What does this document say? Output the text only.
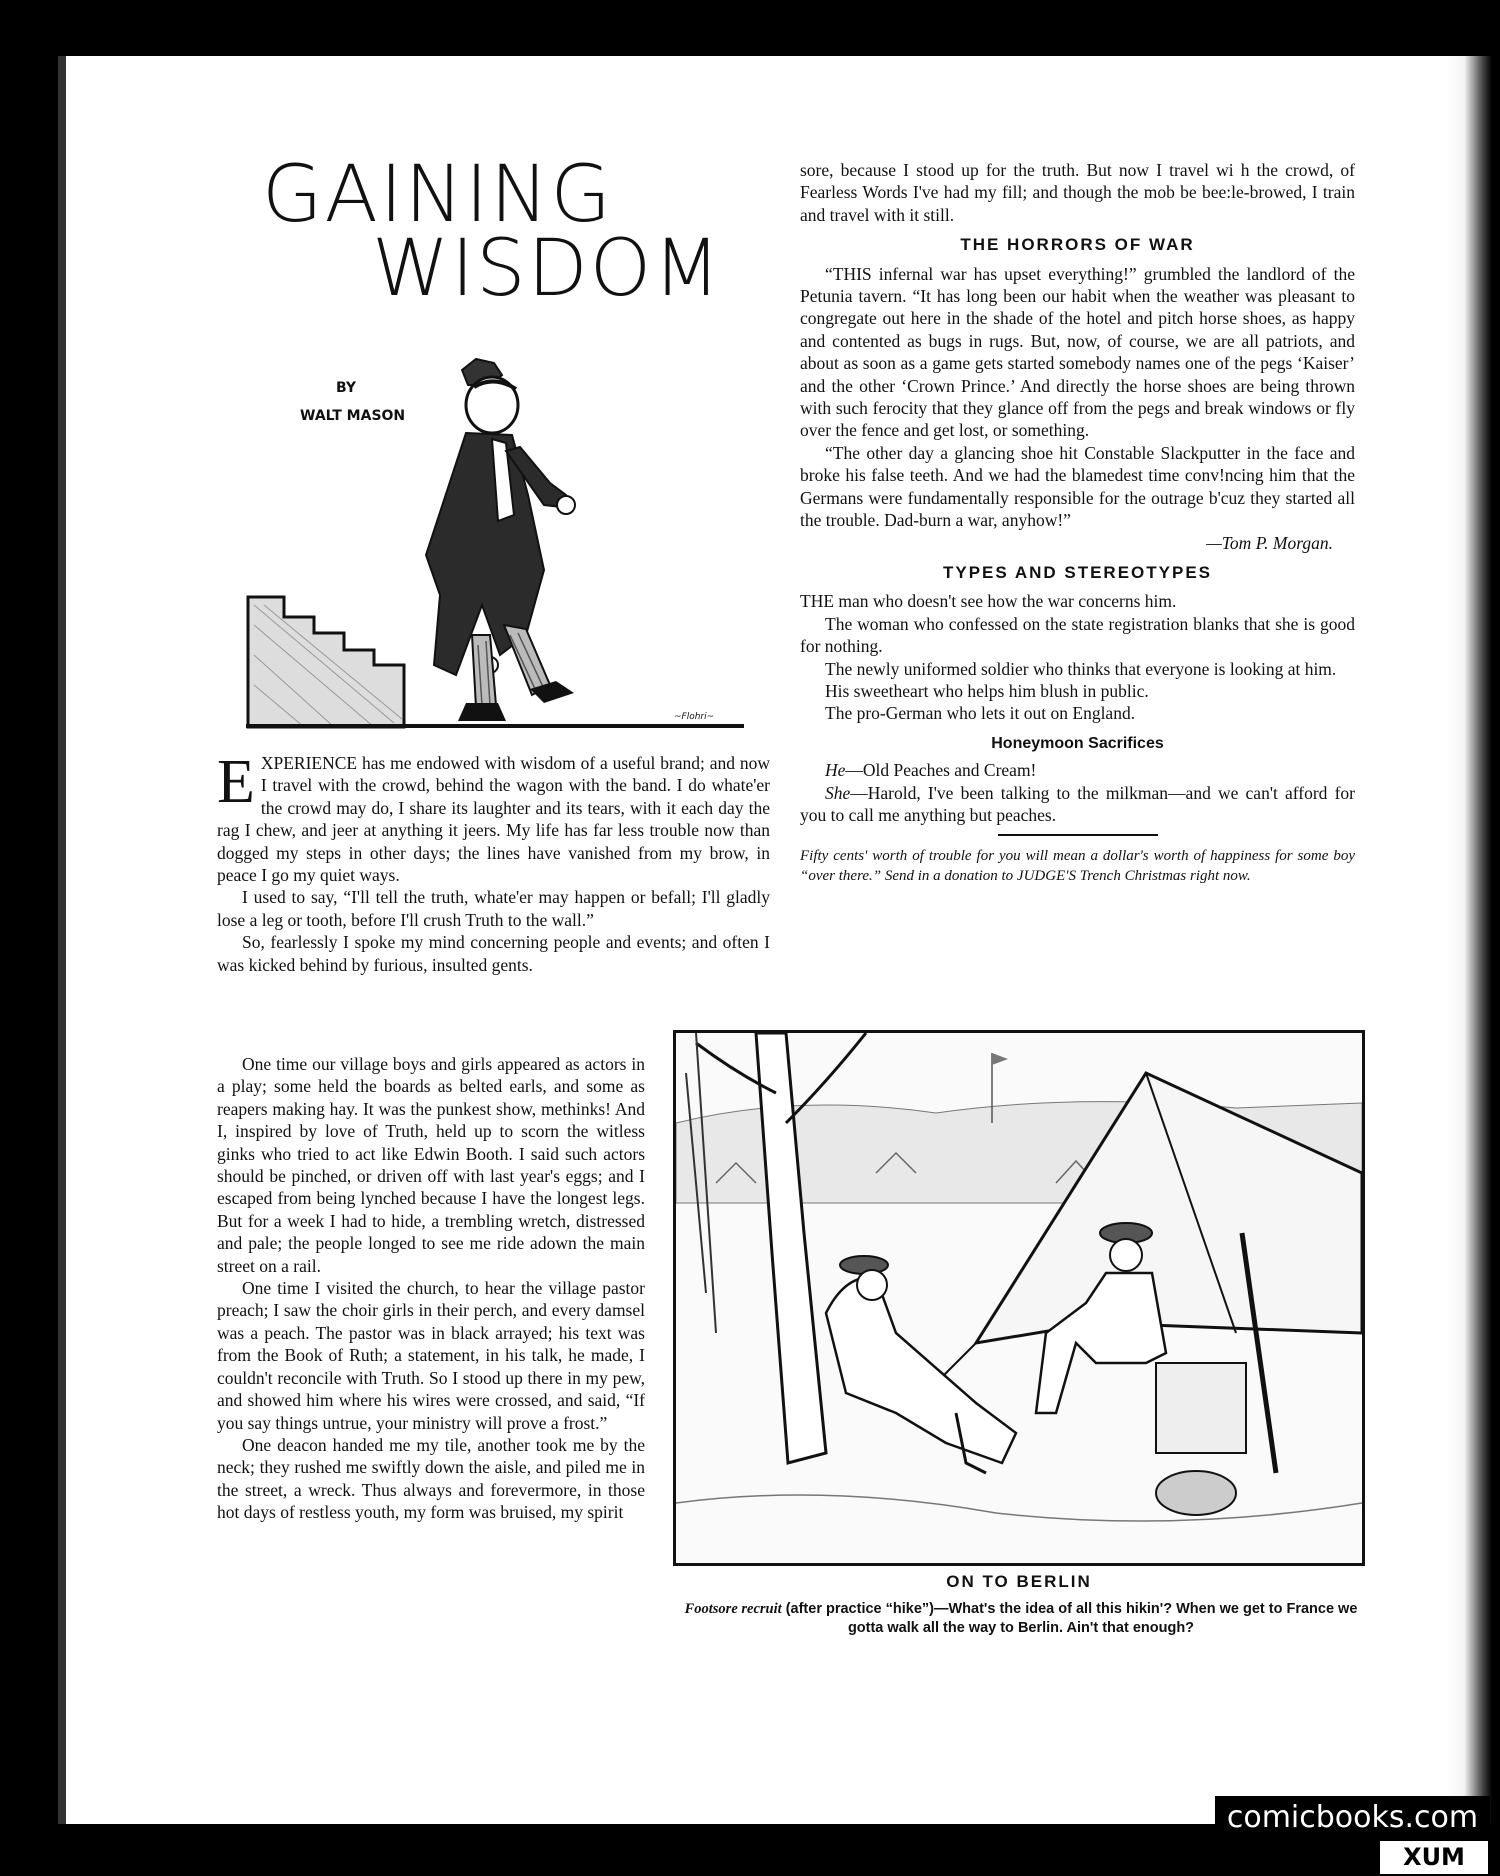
GAINING
WISDOM
BY
WALT MASON
~Flohri~

EXPERIENCE has me endowed with wisdom of a useful brand; and now I travel with the crowd, behind the wagon with the band. I do whate'er the crowd may do, I share its laughter and its tears, with it each day the rag I chew, and jeer at anything it jeers. My life has far less trouble now than dogged my steps in other days; the lines have vanished from my brow, in peace I go my quiet ways.

I used to say, “I'll tell the truth, whate'er may happen or befall; I'll gladly lose a leg or tooth, before I'll crush Truth to the wall.”

So, fearlessly I spoke my mind concerning people and events; and often I was kicked behind by furious, insulted gents.

One time our village boys and girls appeared as actors in a play; some held the boards as belted earls, and some as reapers making hay. It was the punkest show, methinks! And I, inspired by love of Truth, held up to scorn the witless ginks who tried to act like Edwin Booth. I said such actors should be pinched, or driven off with last year's eggs; and I escaped from being lynched because I have the longest legs. But for a week I had to hide, a trembling wretch, distressed and pale; the people longed to see me ride adown the main street on a rail.

One time I visited the church, to hear the village pastor preach; I saw the choir girls in their perch, and every damsel was a peach. The pastor was in black arrayed; his text was from the Book of Ruth; a statement, in his talk, he made, I couldn't reconcile with Truth. So I stood up there in my pew, and showed him where his wires were crossed, and said, “If you say things untrue, your ministry will prove a frost.”

One deacon handed me my tile, another took me by the neck; they rushed me swiftly down the aisle, and piled me in the street, a wreck. Thus always and forevermore, in those hot days of restless youth, my form was bruised, my spirit

sore, because I stood up for the truth. But now I travel wi h the crowd, of Fearless Words I've had my fill; and though the mob be bee:le-browed, I train and travel with it still.

THE HORRORS OF WAR

“THIS infernal war has upset everything!” grumbled the landlord of the Petunia tavern. “It has long been our habit when the weather was pleasant to congregate out here in the shade of the hotel and pitch horse shoes, as happy and contented as bugs in rugs. But, now, of course, we are all patriots, and about as soon as a game gets started somebody names one of the pegs ‘Kaiser’ and the other ‘Crown Prince.’ And directly the horse shoes are being thrown with such ferocity that they glance off from the pegs and break windows or fly over the fence and get lost, or something.

“The other day a glancing shoe hit Constable Slackputter in the face and broke his false teeth. And we had the blamedest time conv!ncing him that the Germans were fundamentally responsible for the outrage b'cuz they started all the trouble. Dad-burn a war, anyhow!”

—Tom P. Morgan.
TYPES AND STEREOTYPES

THE man who doesn't see how the war concerns him.

The woman who confessed on the state registration blanks that she is good for nothing.

The newly uniformed soldier who thinks that everyone is looking at him.

His sweetheart who helps him blush in public.

The pro-German who lets it out on England.

Honeymoon Sacrifices

He—Old Peaches and Cream!

She—Harold, I've been talking to the milkman—and we can't afford for you to call me anything but peaches.

Fifty cents' worth of trouble for you will mean a dollar's worth of happiness for some boy “over there.” Send in a donation to JUDGE'S Trench Christmas right now.

ON TO BERLIN
Footsore recruit (after practice “hike”)—What's the idea of all this hikin'? When we get to France we gotta walk all the way to Berlin. Ain't that enough?
comicbooks.com
XUM
